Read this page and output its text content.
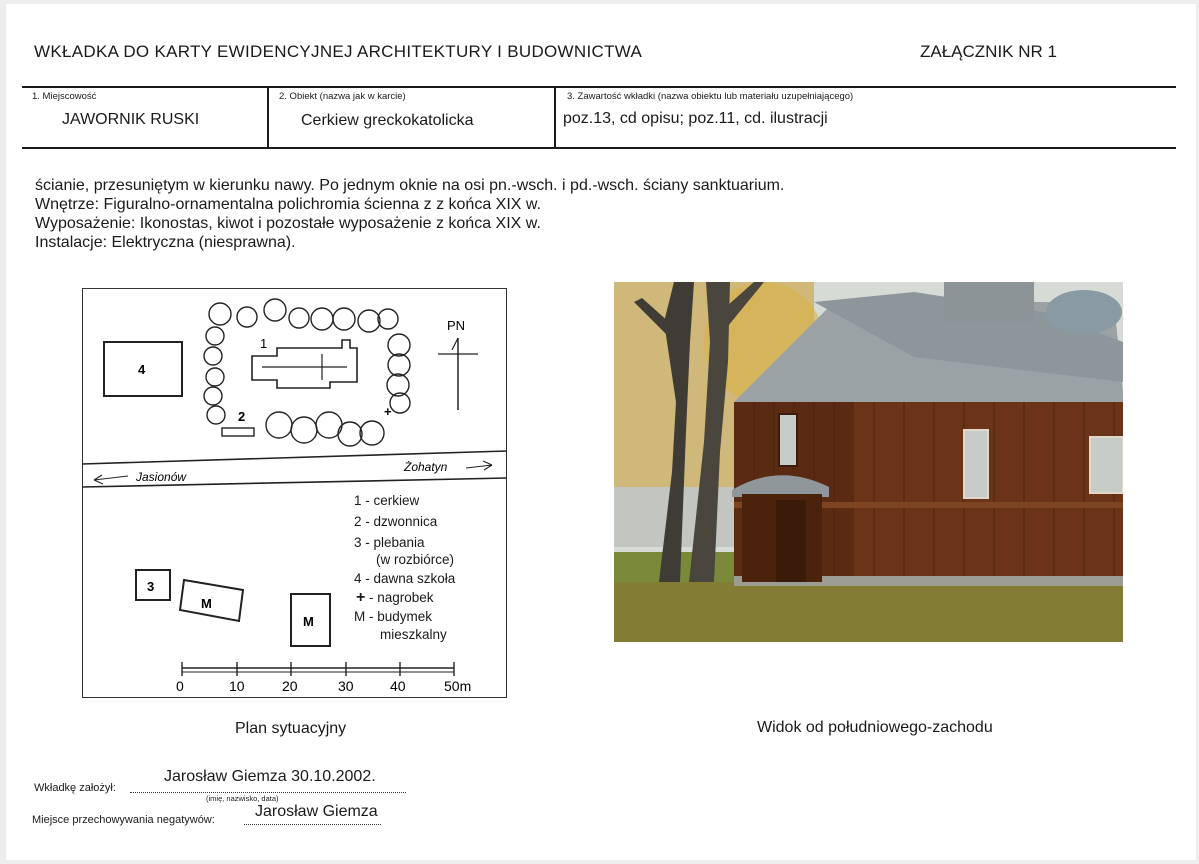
WKŁADKA DO KARTY EWIDENCYJNEJ ARCHITEKTURY I BUDOWNICTWA	ZAŁĄCZNIK NR 1
1. Miejscowość
JAWORNIK RUSKI
2. Obiekt (nazwa jak w karcie)
Cerkiew greckokatolicka
3. Zawartość wkładki (nazwa obiektu lub materiału uzupełniającego)
poz.13, cd opisu; poz.11, cd. ilustracji
ścianie, przesuniętym w kierunku nawy. Po jednym oknie na osi pn.-wsch. i pd.-wsch. ściany sanktuarium.
Wnętrze: Figuralno-ornamentalna polichromia ścienna z z końca XIX w.
Wyposażenie: Ikonostas, kiwot i pozostałe wyposażenie z końca XIX w.
Instalacje: Elektryczna (niesprawna).
1
2	+
4
PN
Jasionów
Żohatyn
3
M
M
1 - cerkiew
2 - dzwonnica
3 - plebania
(w rozbiórce)
4 - dawna szkoła
+ - nagrobek
M - budymek
mieszkalny
0	10	20	30	40	50m
Plan sytuacyjny	Widok od południowego-zachodu
Wkładkę założył:
Jarosław Giemza 30.10.2002.
(imię, nazwisko, data)
Miejsce przechowywania negatywów:	Jarosław Giemza
